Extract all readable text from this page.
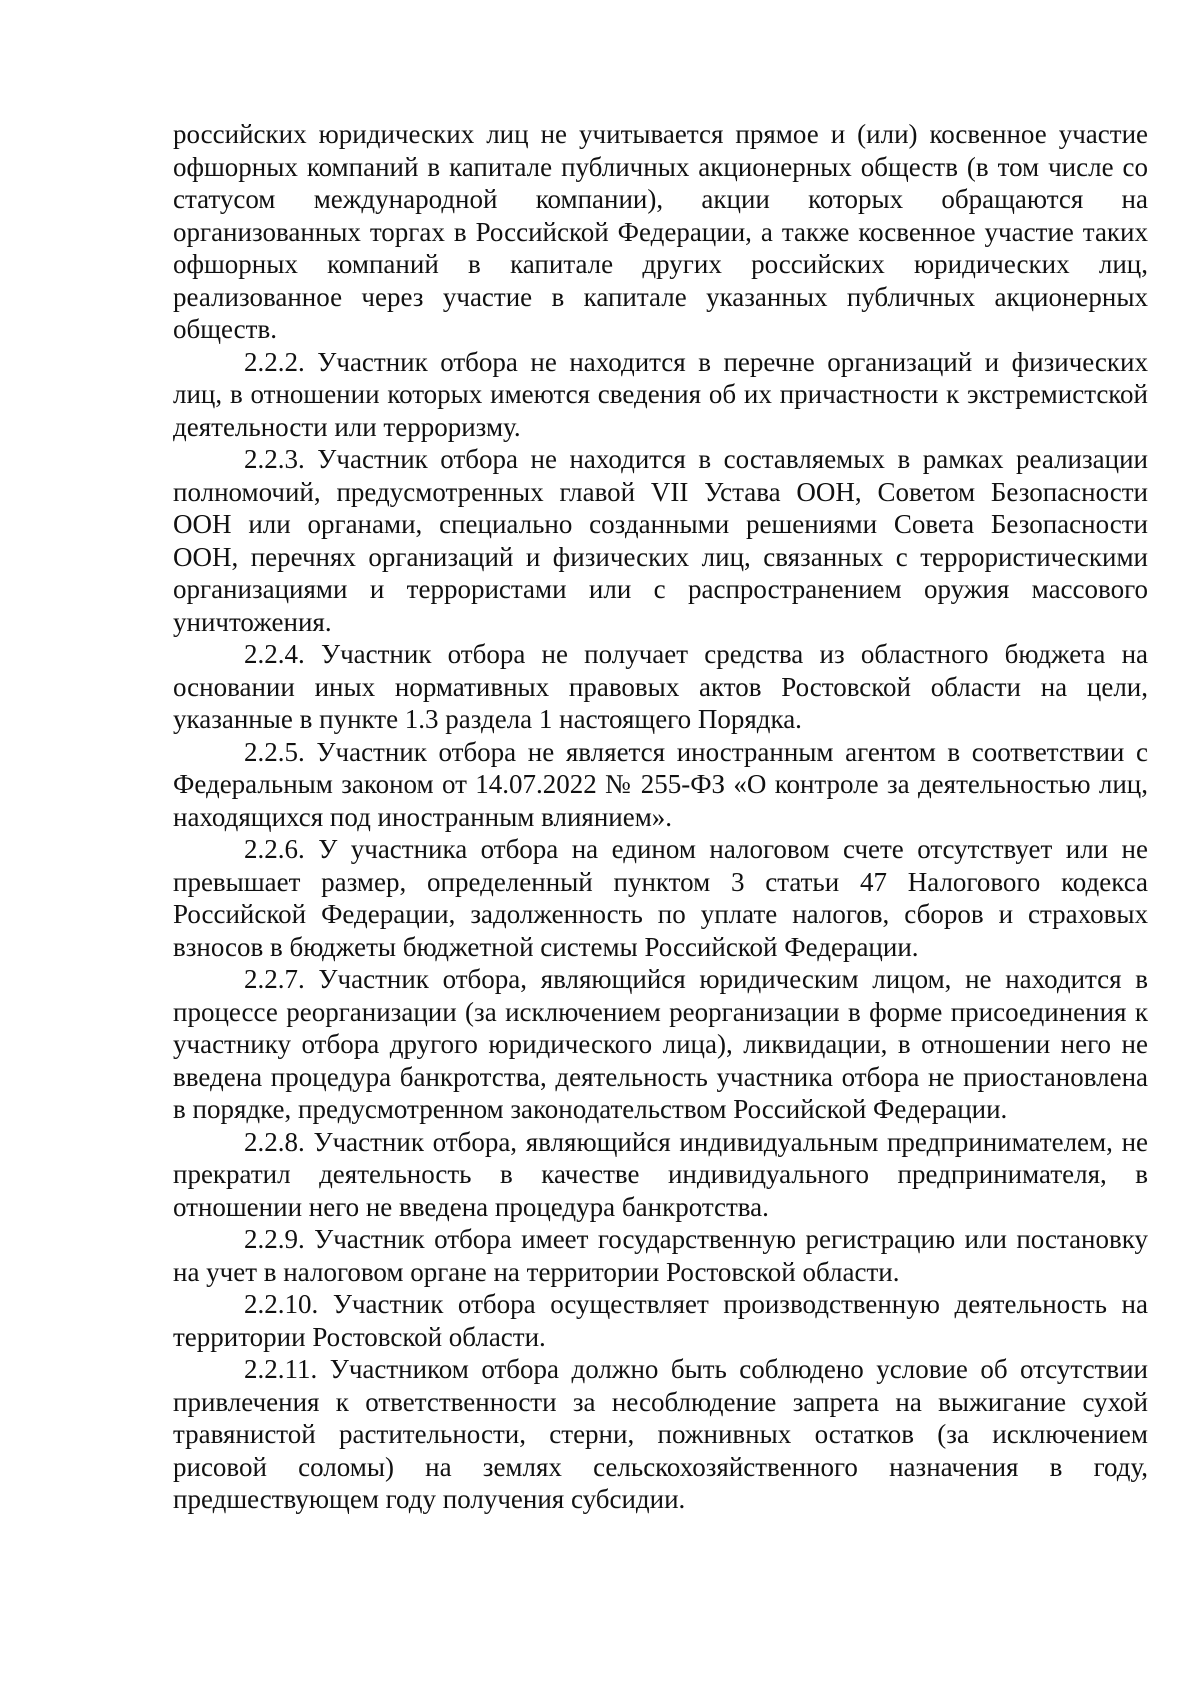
российских юридических лиц не учитывается прямое и (или) косвенное участие офшорных компаний в капитале публичных акционерных обществ (в том числе со статусом международной компании), акции которых обращаются на организованных торгах в Российской Федерации, а также косвенное участие таких офшорных компаний в капитале других российских юридических лиц, реализованное через участие в капитале указанных публичных акционерных обществ.

2.2.2. Участник отбора не находится в перечне организаций и физических лиц, в отношении которых имеются сведения об их причастности к экстремистской деятельности или терроризму.

2.2.3. Участник отбора не находится в составляемых в рамках реализации полномочий, предусмотренных главой VII Устава ООН, Советом Безопасности ООН или органами, специально созданными решениями Совета Безопасности ООН, перечнях организаций и физических лиц, связанных с террористическими организациями и террористами или с распространением оружия массового уничтожения.

2.2.4. Участник отбора не получает средства из областного бюджета на основании иных нормативных правовых актов Ростовской области на цели, указанные в пункте 1.3 раздела 1 настоящего Порядка.

2.2.5. Участник отбора не является иностранным агентом в соответствии с Федеральным законом от 14.07.2022 № 255-ФЗ «О контроле за деятельностью лиц, находящихся под иностранным влиянием».

2.2.6. У участника отбора на едином налоговом счете отсутствует или не превышает размер, определенный пунктом 3 статьи 47 Налогового кодекса Российской Федерации, задолженность по уплате налогов, сборов и страховых взносов в бюджеты бюджетной системы Российской Федерации.

2.2.7. Участник отбора, являющийся юридическим лицом, не находится в процессе реорганизации (за исключением реорганизации в форме присоединения к участнику отбора другого юридического лица), ликвидации, в отношении него не введена процедура банкротства, деятельность участника отбора не приостановлена в порядке, предусмотренном законодательством Российской Федерации.

2.2.8. Участник отбора, являющийся индивидуальным предпринимателем, не прекратил деятельность в качестве индивидуального предпринимателя, в отношении него не введена процедура банкротства.

2.2.9. Участник отбора имеет государственную регистрацию или постановку на учет в налоговом органе на территории Ростовской области.

2.2.10. Участник отбора осуществляет производственную деятельность на территории Ростовской области.

2.2.11. Участником отбора должно быть соблюдено условие об отсутствии привлечения к ответственности за несоблюдение запрета на выжигание сухой травянистой растительности, стерни, пожнивных остатков (за исключением рисовой соломы) на землях сельскохозяйственного назначения в году, предшествующем году получения субсидии.
